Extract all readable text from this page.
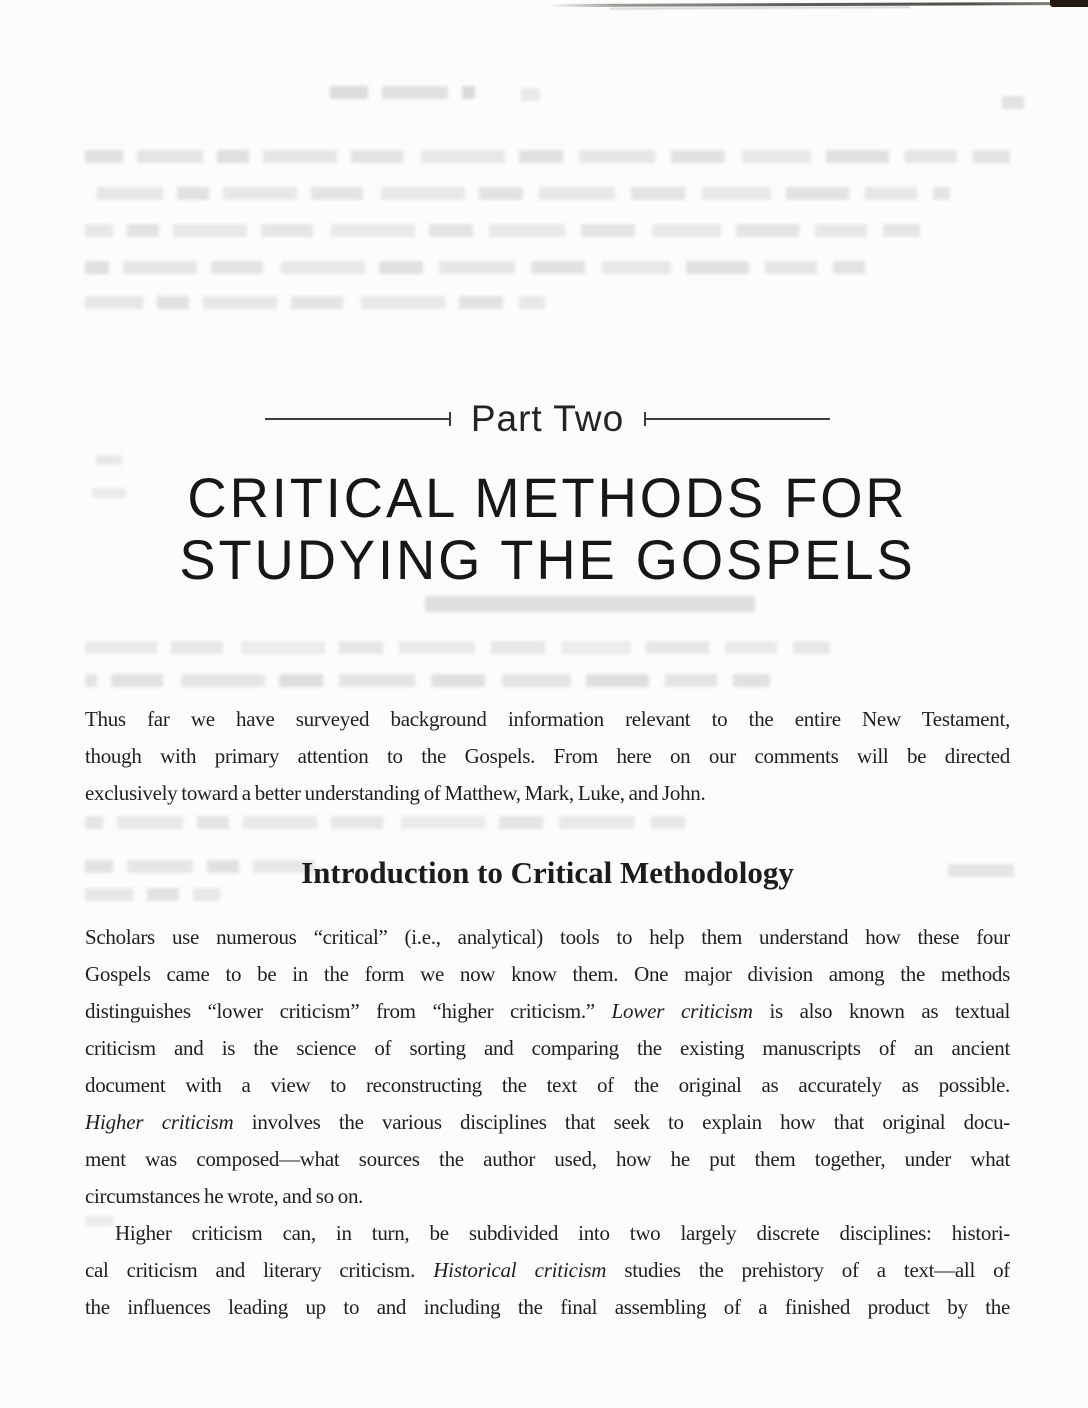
Part Two
CRITICAL METHODS FOR
STUDYING THE GOSPELS
Thus far we have surveyed background information relevant to the entire New Testament,
though with primary attention to the Gospels. From here on our comments will be directed
exclusively toward a better understanding of Matthew, Mark, Luke, and John.
Introduction to Critical Methodology
Scholars use numerous “critical” (i.e., analytical) tools to help them understand how these four
Gospels came to be in the form we now know them. One major division among the methods
distinguishes “lower criticism” from “higher criticism.” Lower criticism is also known as textual
criticism and is the science of sorting and comparing the existing manuscripts of an ancient
document with a view to reconstructing the text of the original as accurately as possible.
Higher criticism involves the various disciplines that seek to explain how that original docu-
ment was composed—what sources the author used, how he put them together, under what
circumstances he wrote, and so on.
Higher criticism can, in turn, be subdivided into two largely discrete disciplines: histori-
cal criticism and literary criticism. Historical criticism studies the prehistory of a text—all of
the influences leading up to and including the final assembling of a finished product by the
